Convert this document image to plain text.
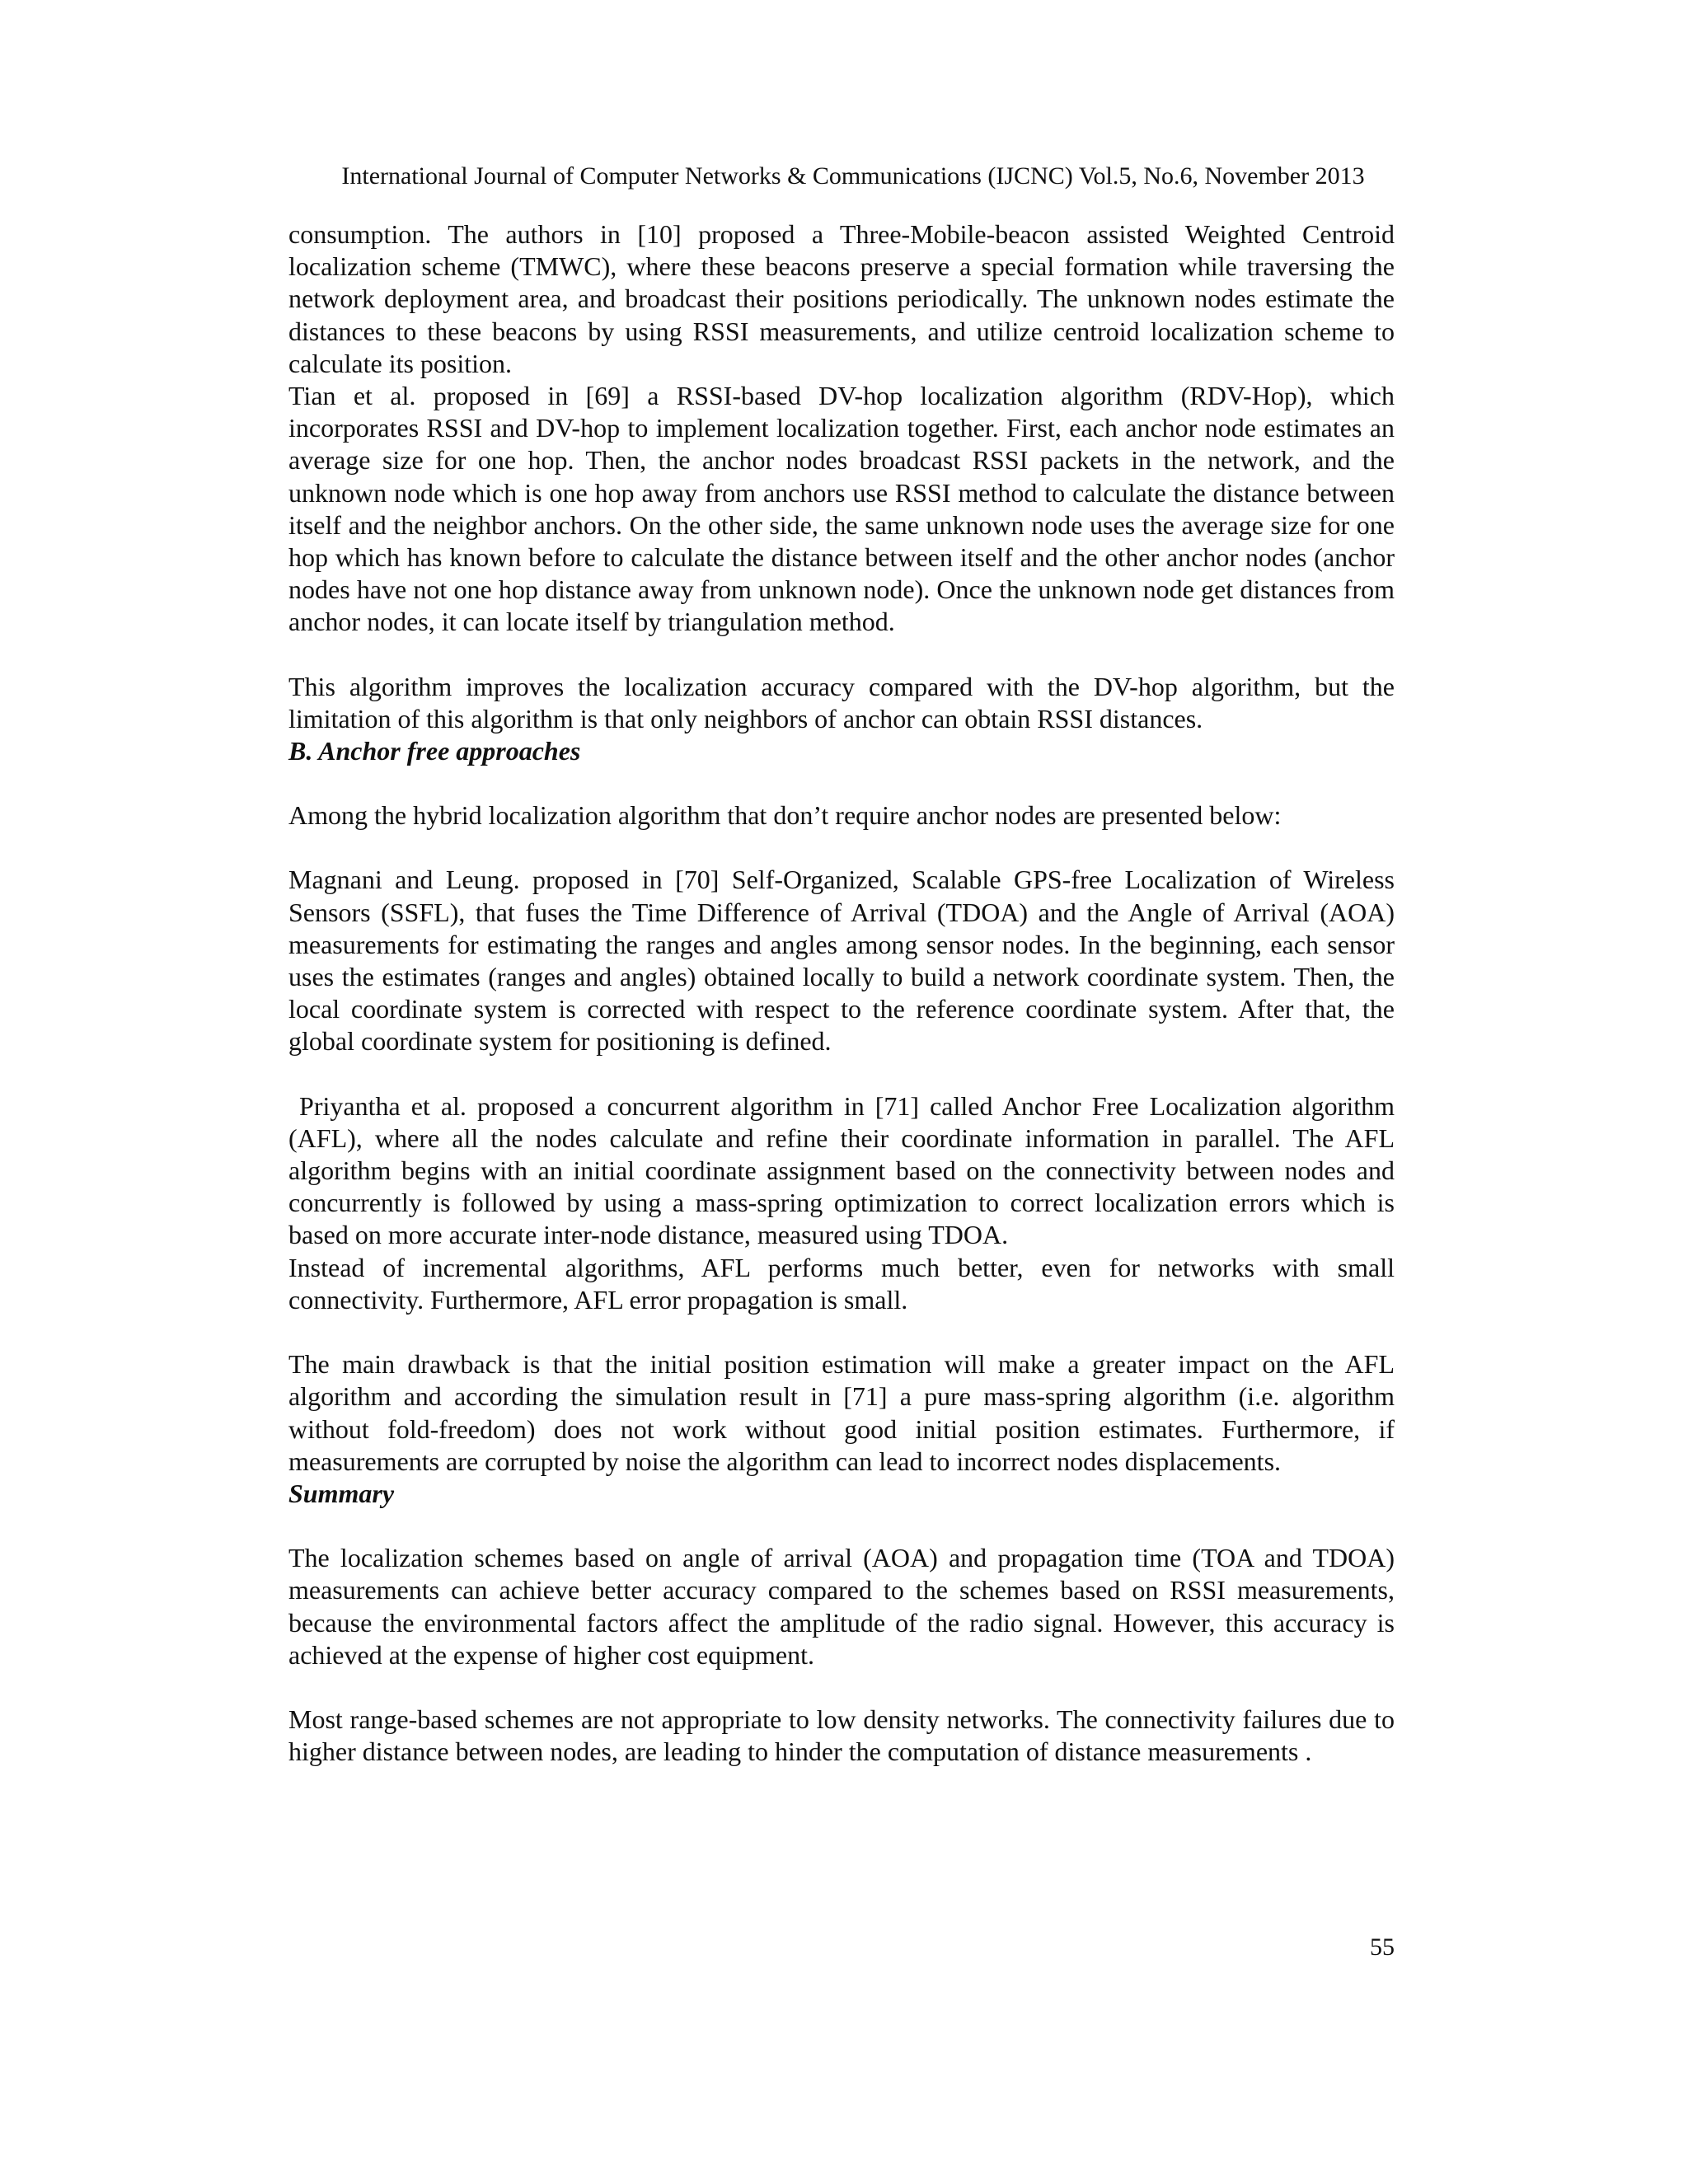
International Journal of Computer Networks & Communications (IJCNC) Vol.5, No.6, November 2013

consumption. The authors in [10] proposed a Three-Mobile-beacon assisted Weighted Centroid localization scheme (TMWC), where these beacons preserve a special formation while traversing the network deployment area, and broadcast their positions periodically. The unknown nodes estimate the distances to these beacons by using RSSI measurements, and utilize centroid localization scheme to calculate its position.

Tian et al. proposed in [69] a RSSI-based DV-hop localization algorithm (RDV-Hop), which incorporates RSSI and DV-hop to implement localization together. First, each anchor node estimates an average size for one hop. Then, the anchor nodes broadcast RSSI packets in the network, and the unknown node which is one hop away from anchors use RSSI method to calculate the distance between itself and the neighbor anchors. On the other side, the same unknown node uses the average size for one hop which has known before to calculate the distance between itself and the other anchor nodes (anchor nodes have not one hop distance away from unknown node). Once the unknown node get distances from anchor nodes, it can locate itself by triangulation method.

This algorithm improves the localization accuracy compared with the DV-hop algorithm, but the limitation of this algorithm is that only neighbors of anchor can obtain RSSI distances.

B. Anchor free approaches

Among the hybrid localization algorithm that don’t require anchor nodes are presented below:

Magnani and Leung. proposed in [70] Self-Organized, Scalable GPS-free Localization of Wireless Sensors (SSFL), that fuses the Time Difference of Arrival (TDOA) and the Angle of Arrival (AOA) measurements for estimating the ranges and angles among sensor nodes. In the beginning, each sensor uses the estimates (ranges and angles) obtained locally to build a network coordinate system. Then, the local coordinate system is corrected with respect to the reference coordinate system. After that, the global coordinate system for positioning is defined.

Priyantha et al. proposed a concurrent algorithm in [71] called Anchor Free Localization algorithm (AFL), where all the nodes calculate and refine their coordinate information in parallel. The AFL algorithm begins with an initial coordinate assignment based on the connectivity between nodes and concurrently is followed by using a mass-spring optimization to correct localization errors which is based on more accurate inter-node distance, measured using TDOA.

Instead of incremental algorithms, AFL performs much better, even for networks with small connectivity. Furthermore, AFL error propagation is small.

The main drawback is that the initial position estimation will make a greater impact on the AFL algorithm and according the simulation result in [71] a pure mass-spring algorithm (i.e. algorithm without fold-freedom) does not work without good initial position estimates. Furthermore, if measurements are corrupted by noise the algorithm can lead to incorrect nodes displacements.

Summary

The localization schemes based on angle of arrival (AOA) and propagation time (TOA and TDOA) measurements can achieve better accuracy compared to the schemes based on RSSI measurements, because the environmental factors affect the amplitude of the radio signal. However, this accuracy is achieved at the expense of higher cost equipment.

Most range-based schemes are not appropriate to low density networks. The connectivity failures due to higher distance between nodes, are leading to hinder the computation of distance measurements .

55
